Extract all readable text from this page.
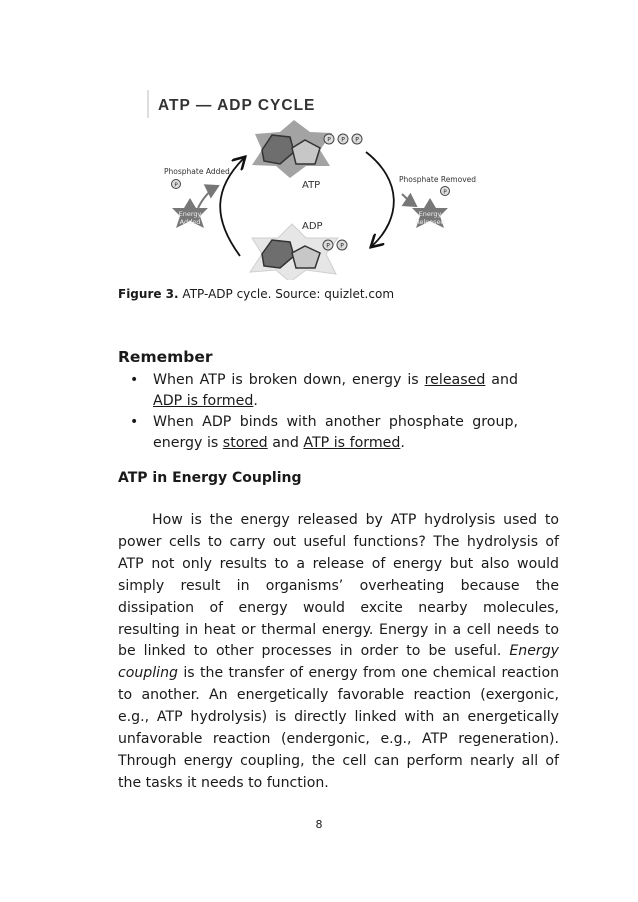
ATP — ADP CYCLE
P P P
ATP
ADP
P P
Phosphate Added
P
Energy
Added
Phosphate Removed
P
Energy
Released
Figure 3. ATP-ADP cycle. Source: quizlet.com
Remember
• When ATP is broken down, energy is released and ADP is formed.
• When ADP binds with another phosphate group, energy is stored and ATP is formed.
ATP in Energy Coupling

How is the energy released by ATP hydrolysis used to power cells to carry out useful functions? The hydrolysis of ATP not only results to a release of energy but also would simply result in organisms’ overheating because the dissipation of energy would excite nearby molecules, resulting in heat or thermal energy. Energy in a cell needs to be linked to other processes in order to be useful. Energy coupling is the transfer of energy from one chemical reaction to another. An energetically favorable reaction (exergonic, e.g., ATP hydrolysis) is directly linked with an energetically unfavorable reaction (endergonic, e.g., ATP regeneration). Through energy coupling, the cell can perform nearly all of the tasks it needs to function.

8
